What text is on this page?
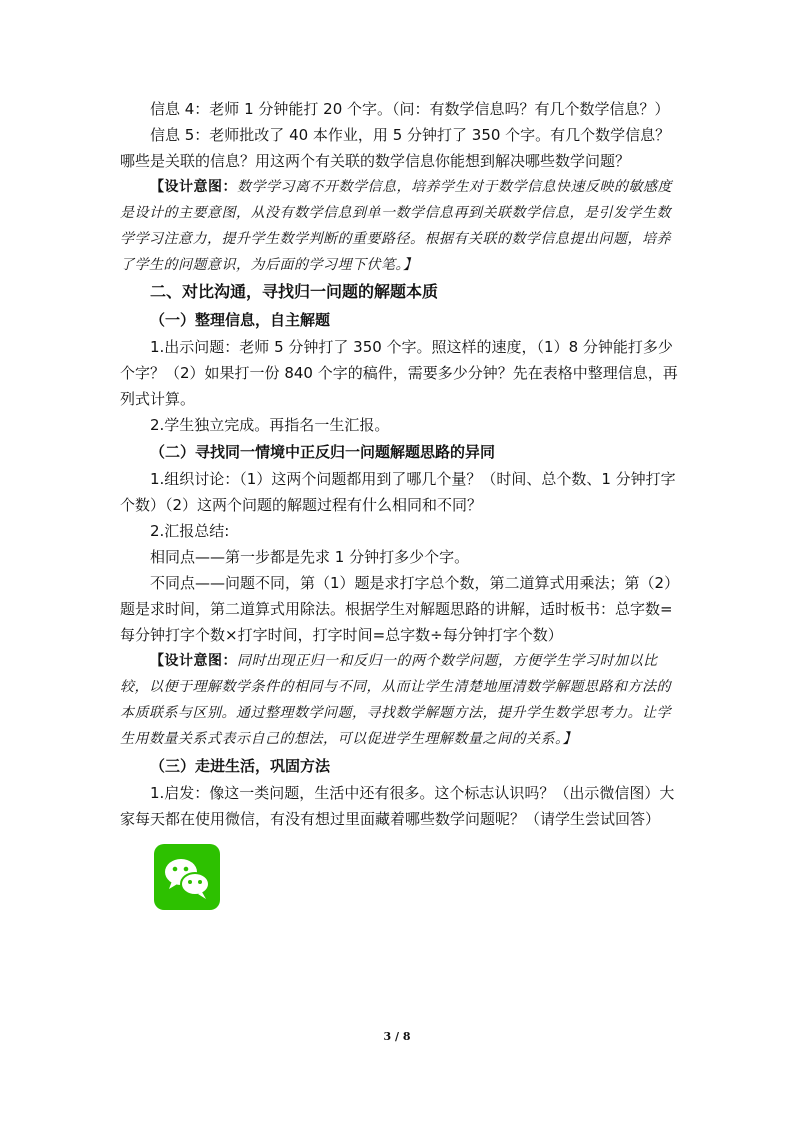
信息 4：老师 1 分钟能打 20 个字。（问：有数学信息吗？有几个数学信息？）

信息 5：老师批改了 40 本作业，用 5 分钟打了 350 个字。有几个数学信息？哪些是关联的信息？用这两个有关联的数学信息你能想到解决哪些数学问题？

【设计意图：数学学习离不开数学信息，培养学生对于数学信息快速反映的敏感度是设计的主要意图，从没有数学信息到单一数学信息再到关联数学信息，是引发学生数学学习注意力，提升学生数学判断的重要路径。根据有关联的数学信息提出问题，培养了学生的问题意识，为后面的学习埋下伏笔。】

二、对比沟通，寻找归一问题的解题本质

（一）整理信息，自主解题

1.出示问题：老师 5 分钟打了 350 个字。照这样的速度，（1）8 分钟能打多少个字？（2）如果打一份 840 个字的稿件，需要多少分钟？先在表格中整理信息，再列式计算。

2.学生独立完成。再指名一生汇报。

（二）寻找同一情境中正反归一问题解题思路的异同

1.组织讨论：（1）这两个问题都用到了哪几个量？（时间、总个数、1 分钟打字个数）（2）这两个问题的解题过程有什么相同和不同？

2.汇报总结:

相同点——第一步都是先求 1 分钟打多少个字。

不同点——问题不同，第（1）题是求打字总个数，第二道算式用乘法；第（2）题是求时间，第二道算式用除法。根据学生对解题思路的讲解，适时板书：总字数=每分钟打字个数×打字时间，打字时间=总字数÷每分钟打字个数）

【设计意图：同时出现正归一和反归一的两个数学问题，方便学生学习时加以比较，以便于理解数学条件的相同与不同，从而让学生清楚地厘清数学解题思路和方法的本质联系与区别。通过整理数学问题，寻找数学解题方法，提升学生数学思考力。让学生用数量关系式表示自己的想法，可以促进学生理解数量之间的关系。】

（三）走进生活，巩固方法

1.启发：像这一类问题，生活中还有很多。这个标志认识吗？（出示微信图）大家每天都在使用微信，有没有想过里面藏着哪些数学问题呢？（请学生尝试回答）

3 / 8
